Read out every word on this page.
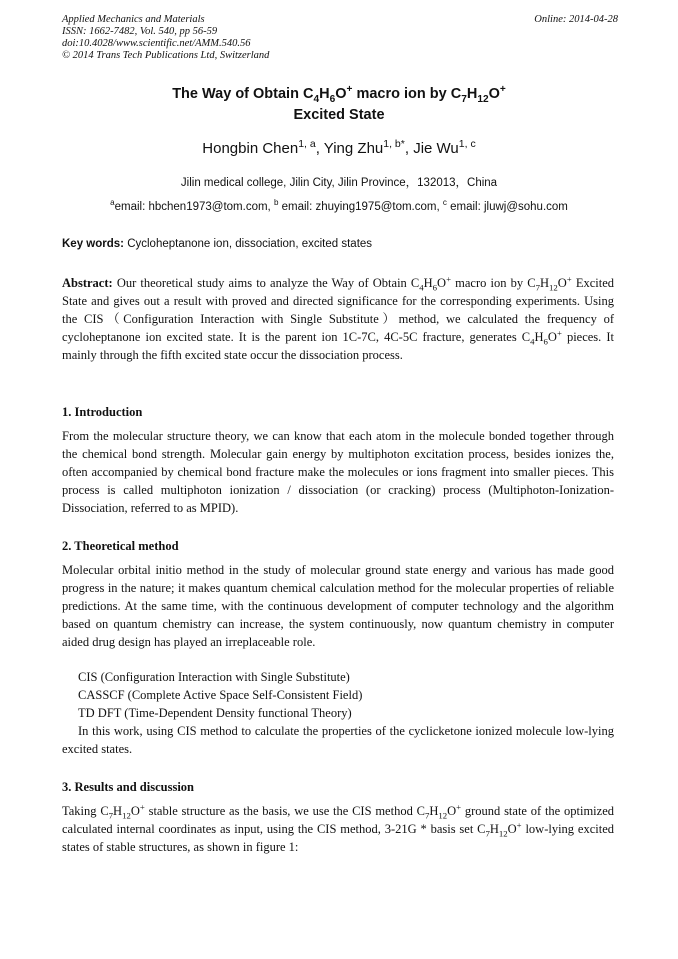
Applied Mechanics and Materials
ISSN: 1662-7482, Vol. 540, pp 56-59
doi:10.4028/www.scientific.net/AMM.540.56
© 2014 Trans Tech Publications Ltd, Switzerland
Online: 2014-04-28
The Way of Obtain $C_4H_6O^+$ macro ion by $C_7H_{12}O^+$
Excited State
Hongbin Chen$^{1, a}$, Ying Zhu$^{1, b*}$, Jie Wu$^{1, c}$
Jilin medical college, Jilin City, Jilin Province，132013，China
$^a$email: hbchen1973@tom.com, $^b$ email: zhuying1975@tom.com, $^c$ email: jluwj@sohu.com
Key words: Cycloheptanone ion, dissociation, excited states
Abstract: Our theoretical study aims to analyze the Way of Obtain $C_4H_6O^+$ macro ion by $C_7H_{12}O^+$ Excited State and gives out a result with proved and directed significance for the corresponding experiments. Using the CIS（Configuration Interaction with Single Substitute）method, we calculated the frequency of cycloheptanone ion excited state. It is the parent ion 1C-7C, 4C-5C fracture, generates $C_4H_6O^+$ pieces. It mainly through the fifth excited state occur the dissociation process.
1. Introduction
From the molecular structure theory, we can know that each atom in the molecule bonded together through the chemical bond strength. Molecular gain energy by multiphoton excitation process, besides ionizes the, often accompanied by chemical bond fracture make the molecules or ions fragment into smaller pieces. This process is called multiphoton ionization / dissociation (or cracking) process (Multiphoton-Ionization-Dissociation, referred to as MPID).
2. Theoretical method
Molecular orbital initio method in the study of molecular ground state energy and various has made good progress in the nature; it makes quantum chemical calculation method for the molecular properties of reliable predictions. At the same time, with the continuous development of computer technology and the algorithm based on quantum chemistry can increase, the system continuously, now quantum chemistry in computer aided drug design has played an irreplaceable role.
CIS (Configuration Interaction with Single Substitute)
CASSCF (Complete Active Space Self-Consistent Field)
TD DFT (Time-Dependent Density functional Theory)
In this work, using CIS method to calculate the properties of the cyclicketone ionized molecule low-lying excited states.
3. Results and discussion
Taking $C_7H_{12}O^+$ stable structure as the basis, we use the CIS method $C_7H_{12}O^+$ ground state of the optimized calculated internal coordinates as input, using the CIS method, 3-21G * basis set $C_7H_{12}O^+$ low-lying excited states of stable structures, as shown in figure 1:
